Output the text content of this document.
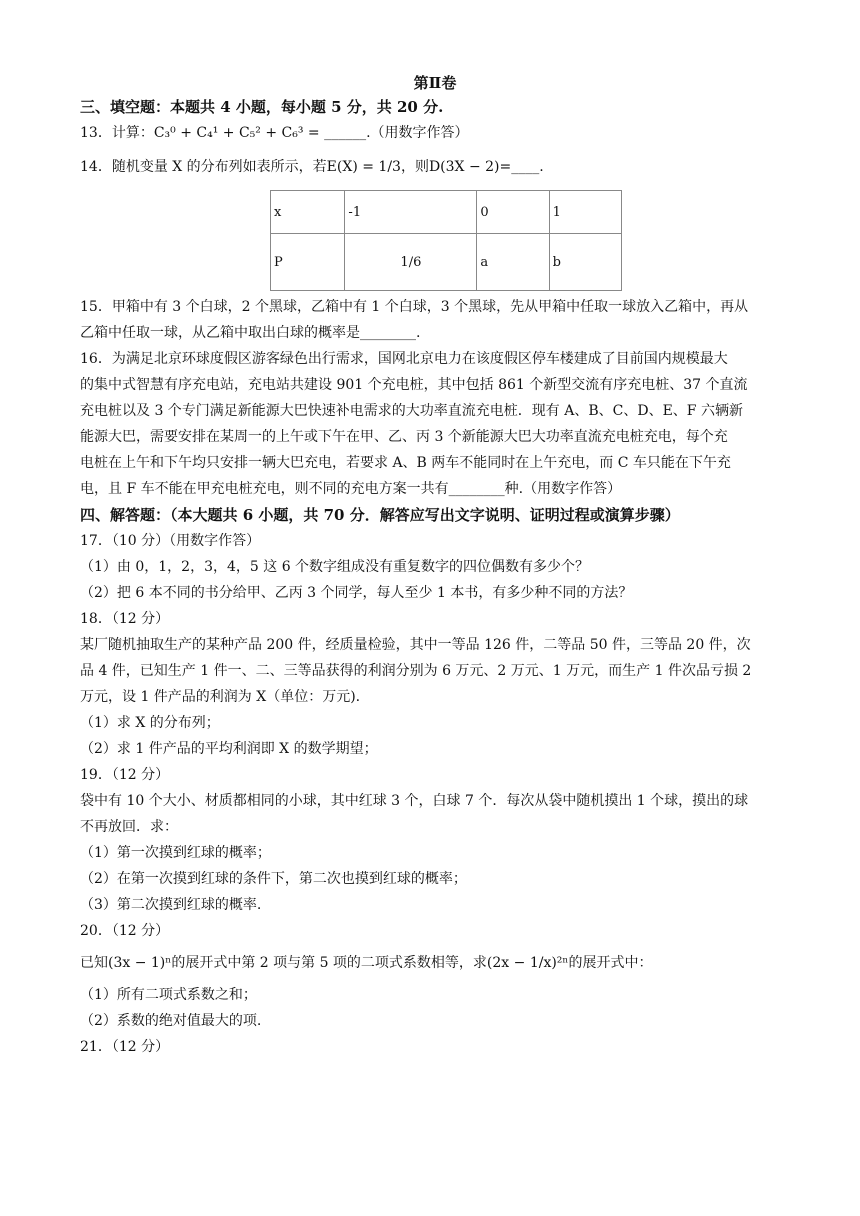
第Ⅱ卷
三、填空题：本题共 4 小题，每小题 5 分，共 20 分.
13．计算：C₃⁰ + C₄¹ + C₅² + C₆³ = ______.（用数字作答）
14．随机变量 X 的分布列如表所示，若E(X) = 1/3，则D(3X − 2)=____.
x	-1	0	1
P	1/6	a	b
15．甲箱中有 3 个白球，2 个黑球，乙箱中有 1 个白球，3 个黑球，先从甲箱中任取一球放入乙箱中，再从
乙箱中任取一球，从乙箱中取出白球的概率是________.
16．为满足北京环球度假区游客绿色出行需求，国网北京电力在该度假区停车楼建成了目前国内规模最大
的集中式智慧有序充电站，充电站共建设 901 个充电桩，其中包括 861 个新型交流有序充电桩、37 个直流
充电桩以及 3 个专门满足新能源大巴快速补电需求的大功率直流充电桩．现有 A、B、C、D、E、F 六辆新
能源大巴，需要安排在某周一的上午或下午在甲、乙、丙 3 个新能源大巴大功率直流充电桩充电，每个充
电桩在上午和下午均只安排一辆大巴充电，若要求 A、B 两车不能同时在上午充电，而 C 车只能在下午充
电，且 F 车不能在甲充电桩充电，则不同的充电方案一共有________种.（用数字作答）
四、解答题：（本大题共 6 小题，共 70 分．解答应写出文字说明、证明过程或演算步骤）
17．（10 分）（用数字作答）
（1）由 0，1，2，3，4，5 这 6 个数字组成没有重复数字的四位偶数有多少个？
（2）把 6 本不同的书分给甲、乙丙 3 个同学，每人至少 1 本书，有多少种不同的方法？
18．（12 分）
某厂随机抽取生产的某种产品 200 件，经质量检验，其中一等品 126 件，二等品 50 件，三等品 20 件，次
品 4 件，已知生产 1 件一、二、三等品获得的利润分别为 6 万元、2 万元、1 万元，而生产 1 件次品亏损 2
万元，设 1 件产品的利润为 X（单位：万元).
（1）求 X 的分布列；
（2）求 1 件产品的平均利润即 X 的数学期望；
19．（12 分）
袋中有 10 个大小、材质都相同的小球，其中红球 3 个，白球 7 个．每次从袋中随机摸出 1 个球，摸出的球
不再放回．求：
（1）第一次摸到红球的概率；
（2）在第一次摸到红球的条件下，第二次也摸到红球的概率；
（3）第二次摸到红球的概率.
20．（12 分）
已知(3x − 1)ⁿ的展开式中第 2 项与第 5 项的二项式系数相等，求(2x − 1/x)²ⁿ的展开式中：
（1）所有二项式系数之和；
（2）系数的绝对值最大的项.
21．（12 分）
